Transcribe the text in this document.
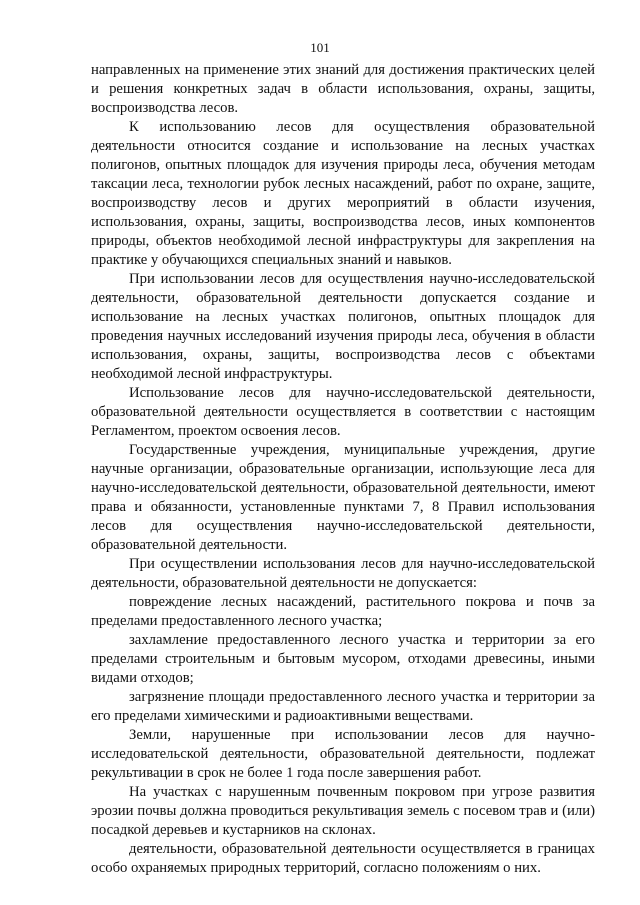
101

направленных на применение этих знаний для достижения практических целей и решения конкретных задач в области использования, охраны, защиты, воспроизводства лесов.

К использованию лесов для осуществления образовательной деятельности относится создание и использование на лесных участках полигонов, опытных площадок для изучения природы леса, обучения методам таксации леса, технологии рубок лесных насаждений, работ по охране, защите, воспроизводству лесов и других мероприятий в области изучения, использования, охраны, защиты, воспроизводства лесов, иных компонентов природы, объектов необходимой лесной инфраструктуры для закрепления на практике у обучающихся специальных знаний и навыков.

При использовании лесов для осуществления научно-исследовательской деятельности, образовательной деятельности допускается создание и использование на лесных участках полигонов, опытных площадок для проведения научных исследований изучения природы леса, обучения в области использования, охраны, защиты, воспроизводства лесов с объектами необходимой лесной инфраструктуры.

Использование лесов для научно-исследовательской деятельности, образовательной деятельности осуществляется в соответствии с настоящим Регламентом, проектом освоения лесов.

Государственные учреждения, муниципальные учреждения, другие научные организации, образовательные организации, использующие леса для научно-исследовательской деятельности, образовательной деятельности, имеют права и обязанности, установленные пунктами 7, 8 Правил использования лесов для осуществления научно-исследовательской деятельности, образовательной деятельности.

При осуществлении использования лесов для научно-исследовательской деятельности, образовательной деятельности не допускается:

повреждение лесных насаждений, растительного покрова и почв за пределами предоставленного лесного участка;

захламление предоставленного лесного участка и территории за его пределами строительным и бытовым мусором, отходами древесины, иными видами отходов;

загрязнение площади предоставленного лесного участка и территории за его пределами химическими и радиоактивными веществами.

Земли, нарушенные при использовании лесов для научно-исследовательской деятельности, образовательной деятельности, подлежат рекультивации в срок не более 1 года после завершения работ.

На участках с нарушенным почвенным покровом при угрозе развития эрозии почвы должна проводиться рекультивация земель с посевом трав и (или) посадкой деревьев и кустарников на склонах.

деятельности, образовательной деятельности осуществляется в границах особо охраняемых природных территорий, согласно положениям о них.
